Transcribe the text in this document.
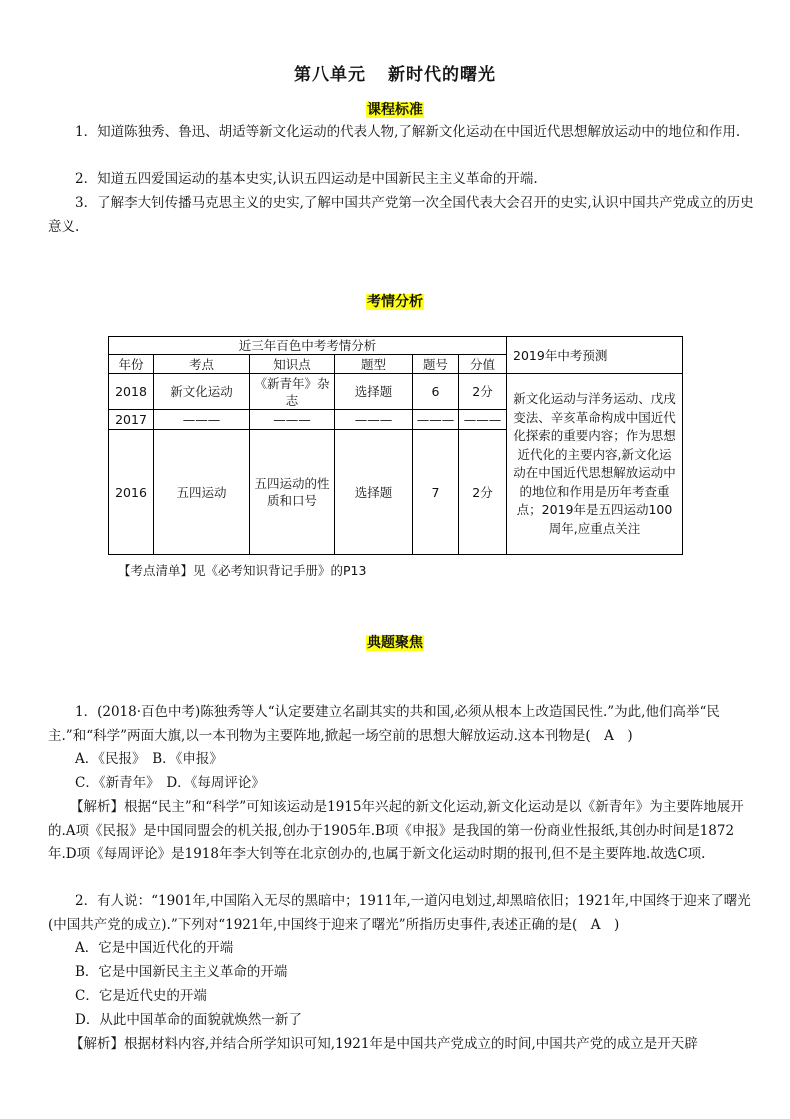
第八单元 新时代的曙光
课程标准

1．知道陈独秀、鲁迅、胡适等新文化运动的代表人物,了解新文化运动在中国近代思想解放运动中的地位和作用.

2．知道五四爱国运动的基本史实,认识五四运动是中国新民主主义革命的开端.

3．了解李大钊传播马克思主义的史实,了解中国共产党第一次全国代表大会召开的史实,认识中国共产党成立的历史意义.

考情分析
近三年百色中考考情分析						2019年中考预测
年份	考点	知识点	题型	题号	分值	
2018	新文化运动	《新青年》杂志	选择题	6	2分	新文化运动与洋务运动、戊戌变法、辛亥革命构成中国近代化探索的重要内容；作为思想近代化的主要内容,新文化运动在中国近代思想解放运动中的地位和作用是历年考查重点；2019年是五四运动100周年,应重点关注
2017	———	———	———	———	———	
2016	五四运动	五四运动的性质和口号	选择题	7	2分	
【考点清单】见《必考知识背记手册》的P13
典题聚焦

1．(2018·百色中考)陈独秀等人“认定要建立名副其实的共和国,必须从根本上改造国民性.”为此,他们高举“民主.”和“科学”两面大旗,以一本刊物为主要阵地,掀起一场空前的思想大解放运动.这本刊物是(　A　)

A．《民报》　B．《申报》
C．《新青年》　D．《每周评论》

【解析】根据“民主”和“科学”可知该运动是1915年兴起的新文化运动,新文化运动是以《新青年》为主要阵地展开的.A项《民报》是中国同盟会的机关报,创办于1905年.B项《申报》是我国的第一份商业性报纸,其创办时间是1872年.D项《每周评论》是1918年李大钊等在北京创办的,也属于新文化运动时期的报刊,但不是主要阵地.故选C项.

2．有人说：“1901年,中国陷入无尽的黑暗中；1911年,一道闪电划过,却黑暗依旧；1921年,中国终于迎来了曙光(中国共产党的成立).”下列对“1921年,中国终于迎来了曙光”所指历史事件,表述正确的是(　A　)

A．它是中国近代化的开端
B．它是中国新民主主义革命的开端
C．它是近代史的开端
D．从此中国革命的面貌就焕然一新了

【解析】根据材料内容,并结合所学知识可知,1921年是中国共产党成立的时间,中国共产党的成立是开天辟
